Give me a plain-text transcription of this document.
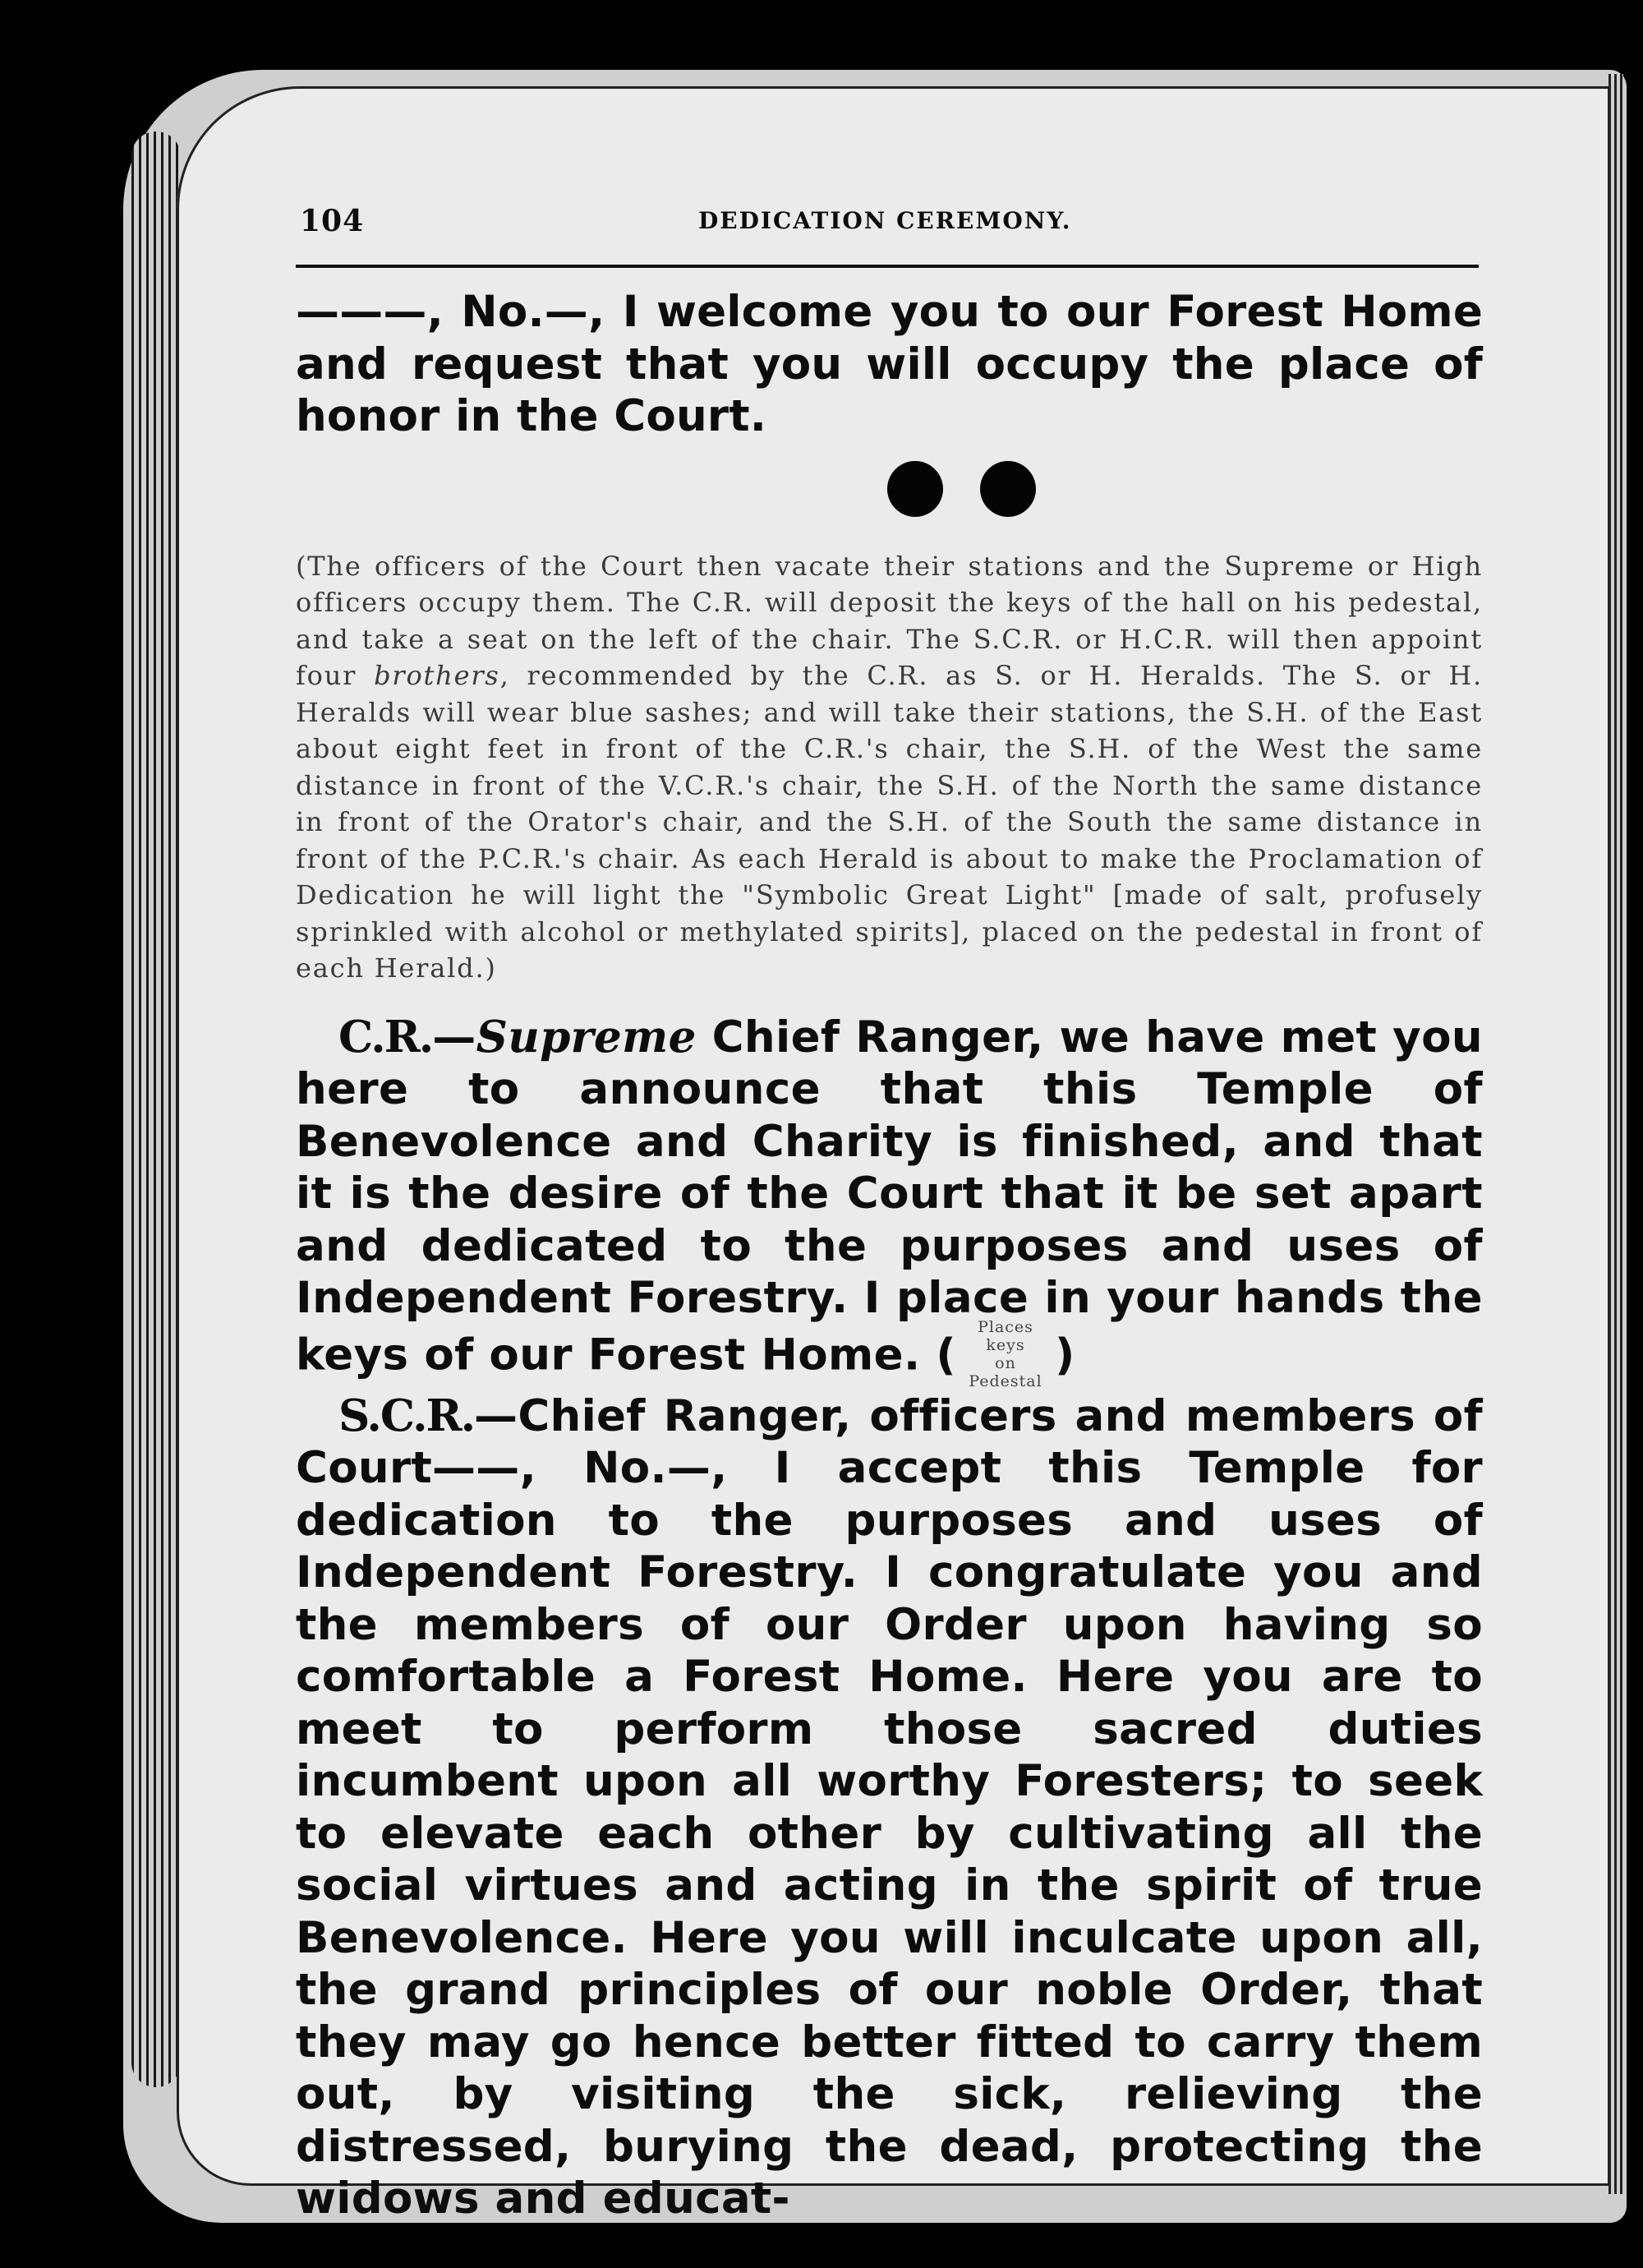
104	DEDICATION CEREMONY.

———, No.—, I welcome you to our Forest Home and request that you will occupy the place of honor in the Court.

(The officers of the Court then vacate their stations and the Supreme or High officers occupy them. The C.R. will deposit the keys of the hall on his pedestal, and take a seat on the left of the chair. The S.C.R. or H.C.R. will then appoint four brothers, recommended by the C.R. as S. or H. Heralds. The S. or H. Heralds will wear blue sashes; and will take their stations, the S.H. of the East about eight feet in front of the C.R.'s chair, the S.H. of the West the same distance in front of the V.C.R.'s chair, the S.H. of the North the same distance in front of the Orator's chair, and the S.H. of the South the same distance in front of the P.C.R.'s chair. As each Herald is about to make the Proclamation of Dedication he will light the "Symbolic Great Light" [made of salt, profusely sprinkled with alcohol or methylated spirits], placed on the pedestal in front of each Herald.)

C.R.—Supreme Chief Ranger, we have met you here to announce that this Temple of Benevolence and Charity is finished, and that it is the desire of the Court that it be set apart and dedicated to the purposes and uses of Independent Forestry. I place in your hands the keys of our Forest Home. (Places keys
on Pedestal)

S.C.R.—Chief Ranger, officers and members of Court——, No.—, I accept this Temple for dedication to the purposes and uses of Independent Forestry. I congratulate you and the members of our Order upon having so comfortable a Forest Home. Here you are to meet to perform those sacred duties incumbent upon all worthy Foresters; to seek to elevate each other by cultivating all the social virtues and acting in the spirit of true Benevolence. Here you will inculcate upon all, the grand principles of our noble Order, that they may go hence better fitted to carry them out, by visiting the sick, relieving the distressed, burying the dead, protecting the widows and educat-
